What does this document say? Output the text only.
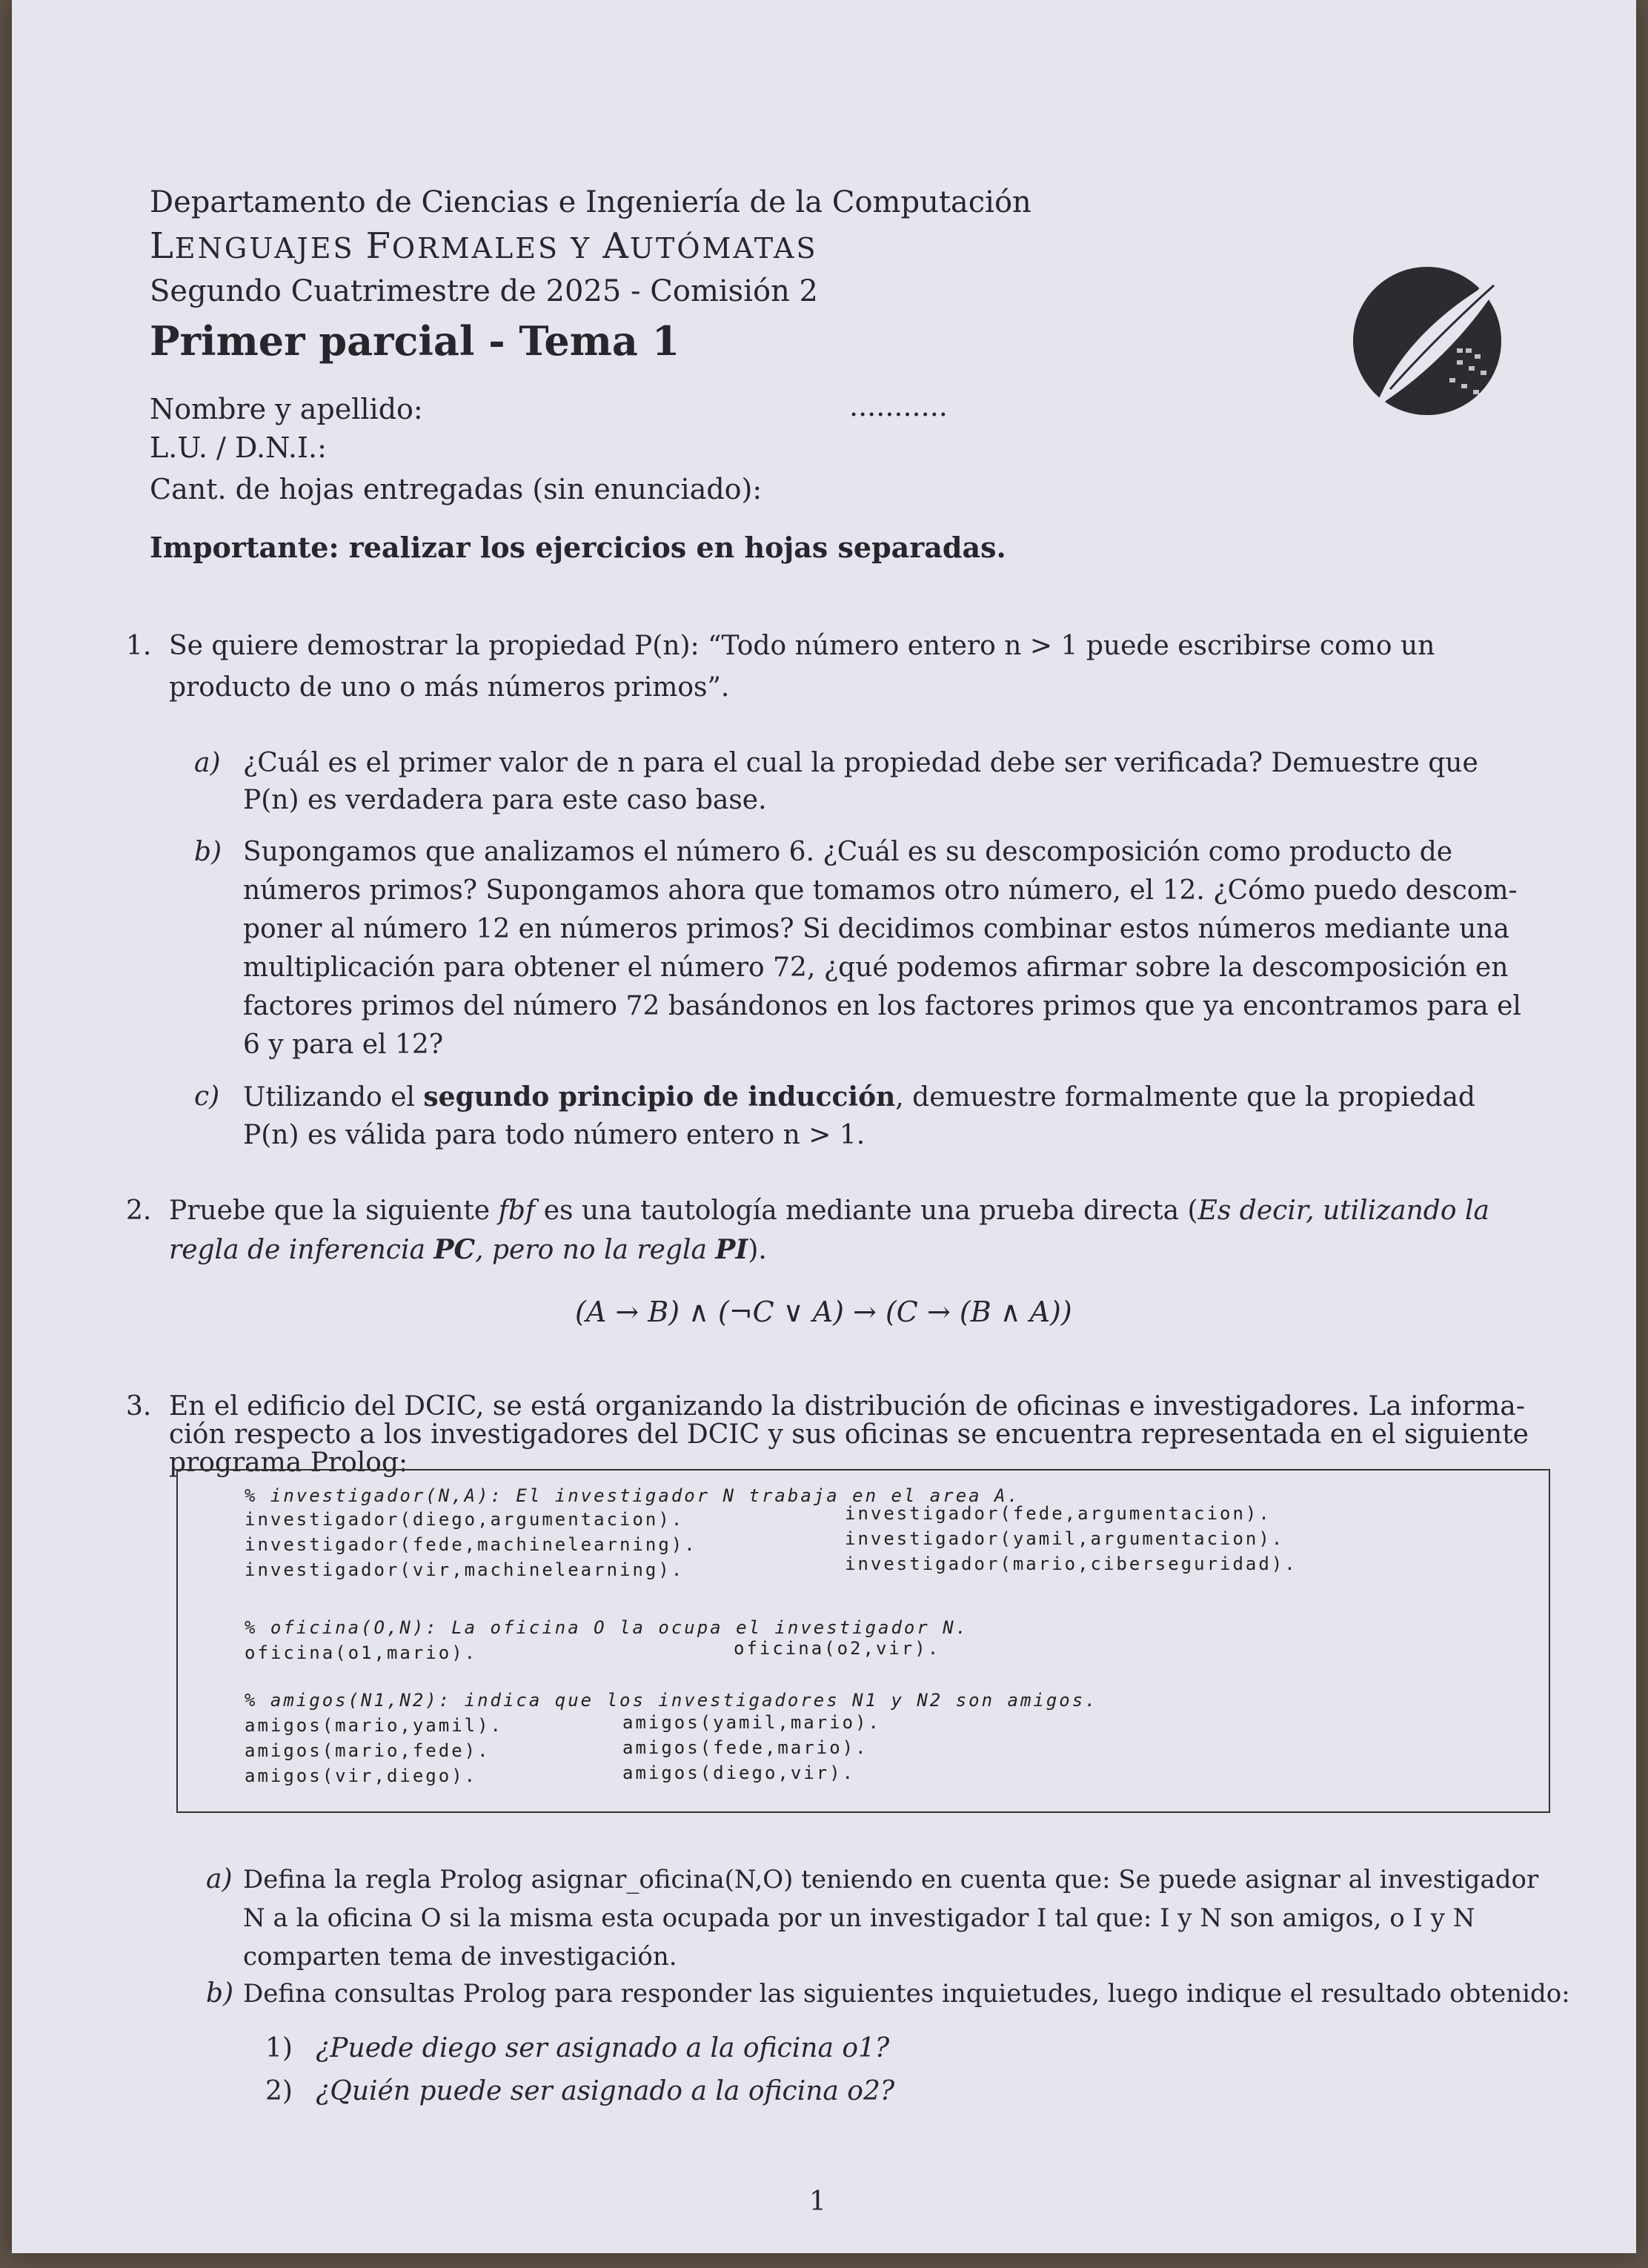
Departamento de Ciencias e Ingeniería de la Computación
LENGUAJES FORMALES Y AUTÓMATAS
Segundo Cuatrimestre de 2025 - Comisión 2
Primer parcial - Tema 1
Nombre y apellido:	...........
L.U. / D.N.I.:
Cant. de hojas entregadas (sin enunciado):
Importante: realizar los ejercicios en hojas separadas.
1. Se quiere demostrar la propiedad P(n): “Todo número entero n > 1 puede escribirse como un
producto de uno o más números primos”.
a) ¿Cuál es el primer valor de n para el cual la propiedad debe ser verificada? Demuestre que
P(n) es verdadera para este caso base.
b) Supongamos que analizamos el número 6. ¿Cuál es su descomposición como producto de
números primos? Supongamos ahora que tomamos otro número, el 12. ¿Cómo puedo descom-
poner al número 12 en números primos? Si decidimos combinar estos números mediante una
multiplicación para obtener el número 72, ¿qué podemos afirmar sobre la descomposición en
factores primos del número 72 basándonos en los factores primos que ya encontramos para el
6 y para el 12?
c) Utilizando el segundo principio de inducción, demuestre formalmente que la propiedad
P(n) es válida para todo número entero n > 1.
2. Pruebe que la siguiente fbf es una tautología mediante una prueba directa (Es decir, utilizando la
regla de inferencia PC, pero no la regla PI).
(A → B) ∧ (¬C ∨ A) → (C → (B ∧ A))
3. En el edificio del DCIC, se está organizando la distribución de oficinas e investigadores. La informa-
ción respecto a los investigadores del DCIC y sus oficinas se encuentra representada en el siguiente
programa Prolog:
% investigador(N,A): El investigador N trabaja en el area A.
investigador(diego,argumentacion).
investigador(fede,machinelearning).
investigador(vir,machinelearning).
investigador(fede,argumentacion).
investigador(yamil,argumentacion).
investigador(mario,ciberseguridad).
% oficina(O,N): La oficina O la ocupa el investigador N.
oficina(o1,mario).	oficina(o2,vir).
% amigos(N1,N2): indica que los investigadores N1 y N2 son amigos.
amigos(mario,yamil).
amigos(mario,fede).
amigos(vir,diego).
amigos(yamil,mario).
amigos(fede,mario).
amigos(diego,vir).
a) Defina la regla Prolog asignar_oficina(N,O) teniendo en cuenta que: Se puede asignar al investigador
N a la oficina O si la misma esta ocupada por un investigador I tal que: I y N son amigos, o I y N
comparten tema de investigación.
b) Defina consultas Prolog para responder las siguientes inquietudes, luego indique el resultado obtenido:
1) ¿Puede diego ser asignado a la oficina o1?
2) ¿Quién puede ser asignado a la oficina o2?
1
